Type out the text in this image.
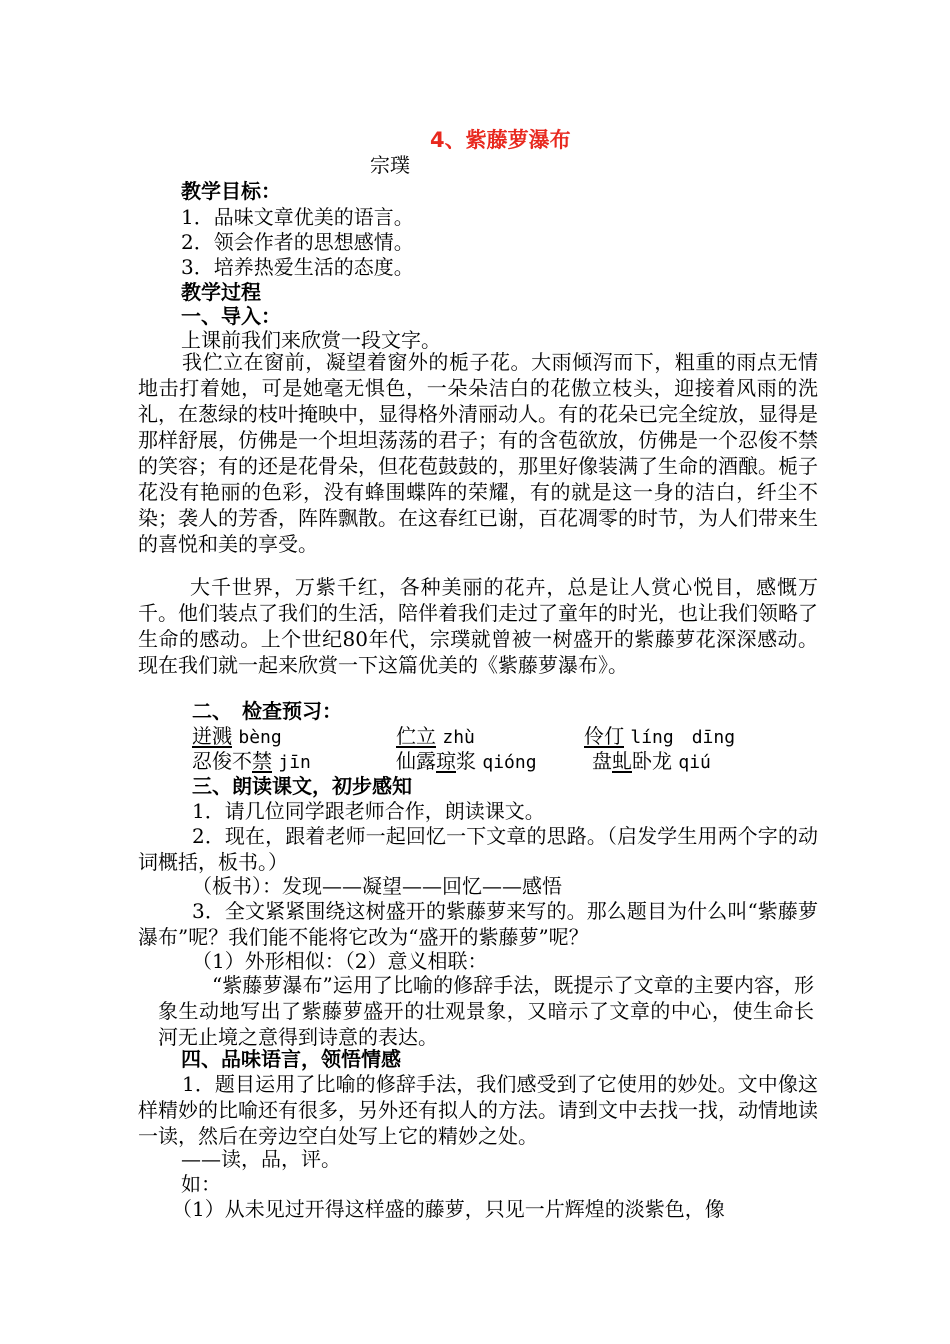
4、紫藤萝瀑布
宗璞
教学目标：
1．品味文章优美的语言。
2．领会作者的思想感情。
3．培养热爱生活的态度。
教学过程
一、导入：
上课前我们来欣赏一段文字。
我伫立在窗前，凝望着窗外的栀子花。大雨倾泻而下，粗重的雨点无情地击打着她，可是她毫无惧色，一朵朵洁白的花傲立枝头，迎接着风雨的洗礼，在葱绿的枝叶掩映中，显得格外清丽动人。有的花朵已完全绽放，显得是那样舒展，仿佛是一个坦坦荡荡的君子；有的含苞欲放，仿佛是一个忍俊不禁的笑容；有的还是花骨朵，但花苞鼓鼓的，那里好像装满了生命的酒酿。栀子花没有艳丽的色彩，没有蜂围蝶阵的荣耀，有的就是这一身的洁白，纤尘不染；袭人的芳香，阵阵飘散。在这春红已谢，百花凋零的时节，为人们带来生的喜悦和美的享受。
大千世界，万紫千红，各种美丽的花卉，总是让人赏心悦目，感慨万千。他们装点了我们的生活，陪伴着我们走过了童年的时光，也让我们领略了生命的感动。上个世纪80年代，宗璞就曾被一树盛开的紫藤萝花深深感动。现在我们就一起来欣赏一下这篇优美的《紫藤萝瀑布》。
二、　检查预习：
迸溅 bèng	伫立 zhù	伶仃 líng　dīng
忍俊不禁 jīn	仙露琼浆 qióng	盘虬卧龙 qiú
三、朗读课文，初步感知
1．请几位同学跟老师合作，朗读课文。
2．现在，跟着老师一起回忆一下文章的思路。（启发学生用两个字的动词概括，板书。）
（板书）：发现——凝望——回忆——感悟
3．全文紧紧围绕这树盛开的紫藤萝来写的。那么题目为什么叫“紫藤萝瀑布”呢？我们能不能将它改为“盛开的紫藤萝”呢？
（1）外形相似：（2）意义相联：
“紫藤萝瀑布”运用了比喻的修辞手法，既提示了文章的主要内容，形象生动地写出了紫藤萝盛开的壮观景象，又暗示了文章的中心，使生命长河无止境之意得到诗意的表达。
四、品味语言，领悟情感
1．题目运用了比喻的修辞手法，我们感受到了它使用的妙处。文中像这样精妙的比喻还有很多，另外还有拟人的方法。请到文中去找一找，动情地读一读，然后在旁边空白处写上它的精妙之处。
——读，品，评。
如：
（1）从未见过开得这样盛的藤萝，只见一片辉煌的淡紫色，像
